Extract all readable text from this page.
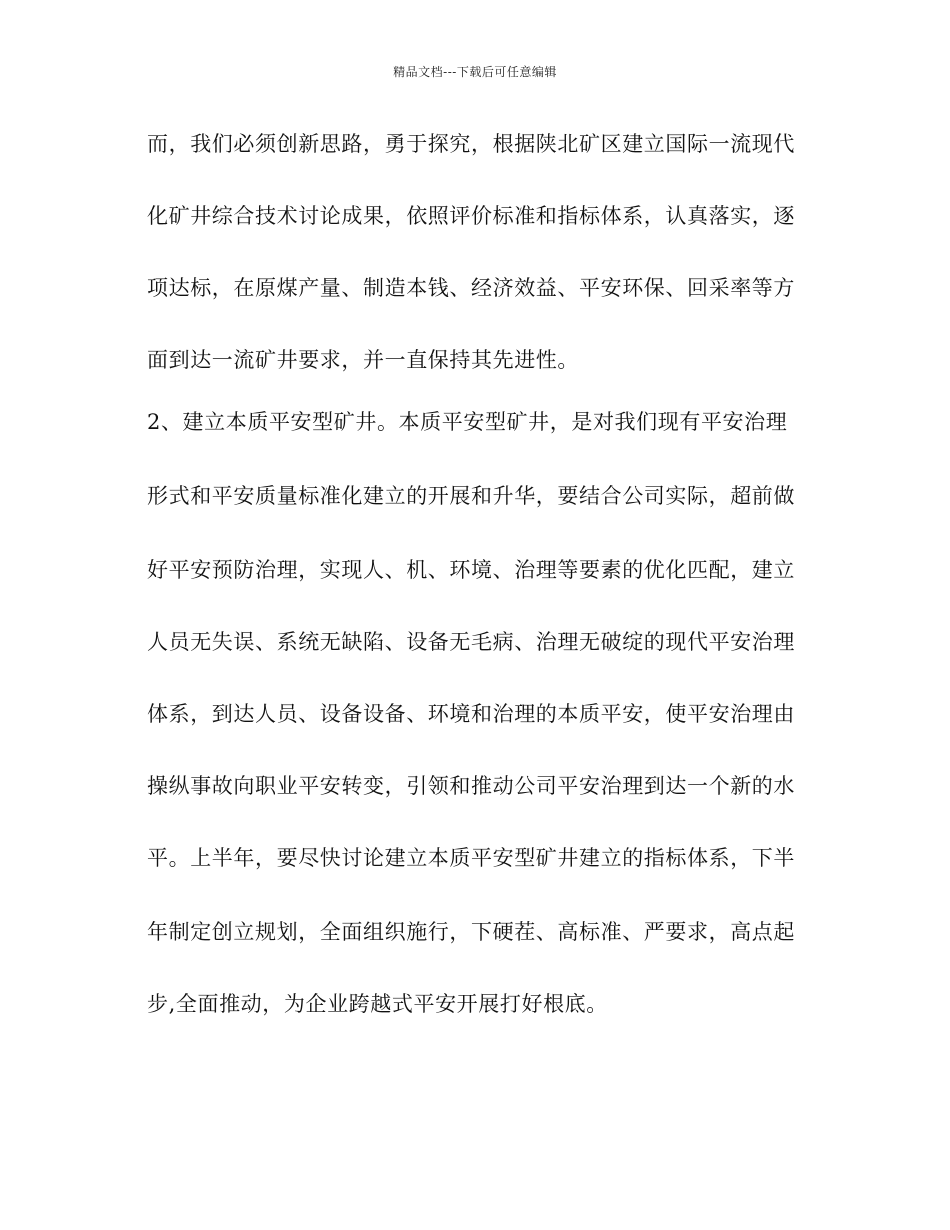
精品文档---下载后可任意编辑
而，我们必须创新思路，勇于探究，根据陕北矿区建立国际一流现代
化矿井综合技术讨论成果，依照评价标准和指标体系，认真落实，逐
项达标，在原煤产量、制造本钱、经济效益、平安环保、回采率等方
面到达一流矿井要求，并一直保持其先进性。
2、建立本质平安型矿井。本质平安型矿井，是对我们现有平安治理
形式和平安质量标准化建立的开展和升华，要结合公司实际，超前做
好平安预防治理，实现人、机、环境、治理等要素的优化匹配，建立
人员无失误、系统无缺陷、设备无毛病、治理无破绽的现代平安治理
体系，到达人员、设备设备、环境和治理的本质平安，使平安治理由
操纵事故向职业平安转变，引领和推动公司平安治理到达一个新的水
平。上半年，要尽快讨论建立本质平安型矿井建立的指标体系，下半
年制定创立规划，全面组织施行，下硬茬、高标准、严要求，高点起
步,全面推动，为企业跨越式平安开展打好根底。
